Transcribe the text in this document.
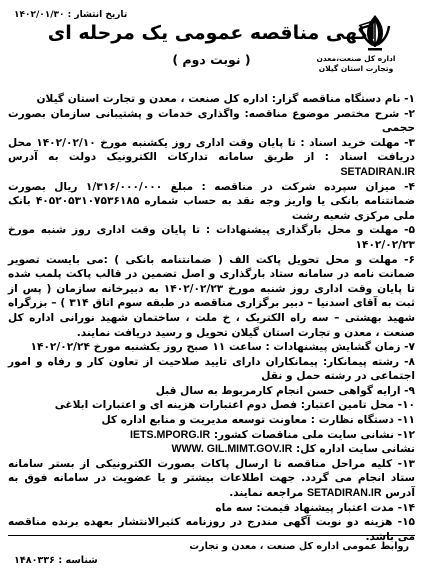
اداره کل صنعت،معدن
وتجارت استان گیلان
تاریخ انتشار : ۱۴۰۲/۰۱/۳۰
آگهی مناقصه عمومی یک مرحله ای
( نوبت دوم )

۱- نام دستگاه مناقصه گزار: اداره کل صنعت ، معدن و تجارت استان گیلان

۲- شرح مختصر موضوع مناقصه: واگذاری خدمات و پشتیبانی سازمان بصورت حجمی

۳- مهلت خرید اسناد : تا پایان وقت اداری روز یکشنبه مورخ ۱۴۰۲/۰۲/۱۰ محل دریافت اسناد : از طریق سامانه تدارکات الکترونیک دولت به آدرس SETADIRAN.IR

۴- میزان سپرده شرکت در مناقصه : مبلغ ۱/۳۱۶/۰۰۰/۰۰۰ ریال بصورت ضمانتنامه بانکی یا واریز وجه نقد به حساب شماره ۴۰۵۲۰۵۳۱۰۷۵۳۶۱۸۵ بانک ملی مرکزی شعبه رشت

۵- مهلت و محل بارگذاری پیشنهادات : تا پایان وقت اداری روز شنبه مورخ ۱۴۰۲/۰۲/۲۳

۶- مهلت و محل تحویل پاکت الف ( ضمانتنامه بانکی ) :می بایست تصویر ضمانت نامه در سامانه ستاد بارگذاری و اصل تضمین در قالب پاکت پلمب شده تا پایان وقت اداری روز شنبه مورخ ۱۴۰۲/۰۲/۲۳ به دبیرخانه سازمان ( پس از ثبت به آقای اسدنیا – دبیر برگزاری مناقصه در طبقه سوم اتاق ۳۱۴ ) – بزرگراه شهید بهشتی – سه راه الکتریک ، خ ملت ، ساختمان شهید نورانی اداره کل صنعت ، معدن و تجارت استان گیلان تحویل و رسید دریافت نمایند.

۷- زمان گشایش پیشنهادات : ساعت ۱۱ صبح روز یکشنبه مورخ ۱۴۰۲/۰۲/۲۴

۸- رشته پیمانکار: پیمانکاران دارای تایید صلاحیت از تعاون کار و رفاه و امور اجتماعی در رشته حمل و نقل

۹- ارایه گواهی حسن انجام کارمربوط به سال قبل

۱۰- محل تامین اعتبار: فصل دوم اعتبارات هزینه ای و اعتبارات ابلاغی

۱۱- دستگاه نظارت : معاونت توسعه مدیریت و منابع اداره کل

۱۲- نشانی سایت ملی مناقصات کشور: IETS.MPORG.IR

نشانی سایت اداره کل: WWW. GIL.MIMT.GOV.IR

۱۳- کلیه مراحل مناقصه تا ارسال پاکات بصورت الکترونیکی از بستر سامانه ستاد انجام می گردد. جهت اطلاعات بیشتر و یا عضویت در سامانه فوق به آدرس SETADIRAN.IR مراجعه نمایند.

۱۴- مدت اعتبار پیشنهاد قیمت: سه ماه

۱۵- هزینه دو نوبت آگهی مندرج در روزنامه کثیرالانتشار بعهده برنده مناقصه می باشد.

روابط عمومی اداره کل صنعت ، معدن و تجارت
شناسه : ۱۴۸۰۳۳۶
